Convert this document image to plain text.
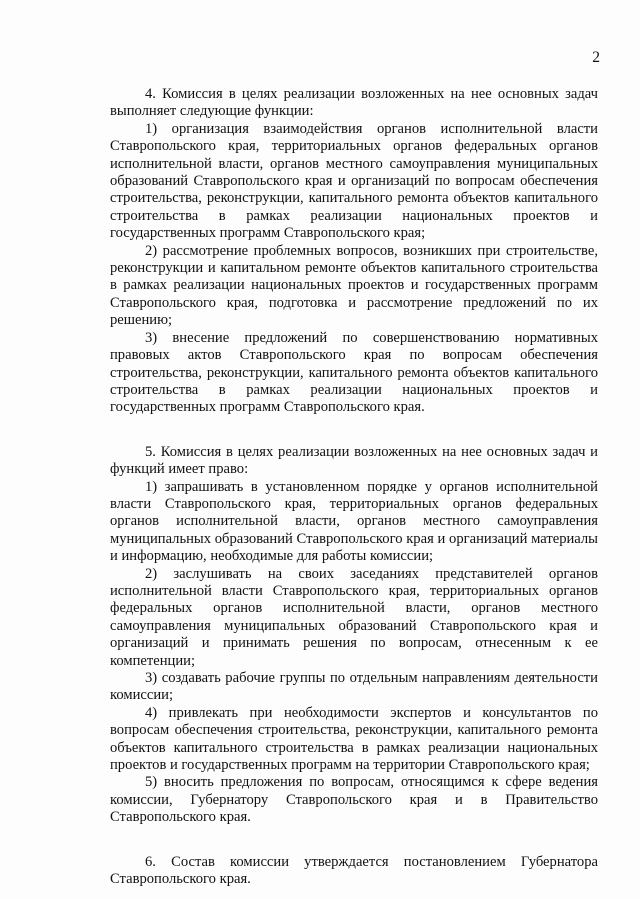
2

4. Комиссия в целях реализации возложенных на нее основных задач выполняет следующие функции:

1) организация взаимодействия органов исполнительной власти Ставропольского края, территориальных органов федеральных органов исполнительной власти, органов местного самоуправления муниципальных образований Ставропольского края и организаций по вопросам обеспечения строительства, реконструкции, капитального ремонта объектов капитального строительства в рамках реализации национальных проектов и государственных программ Ставропольского края;

2) рассмотрение проблемных вопросов, возникших при строительстве, реконструкции и капитальном ремонте объектов капитального строительства в рамках реализации национальных проектов и государственных программ Ставропольского края, подготовка и рассмотрение предложений по их решению;

3) внесение предложений по совершенствованию нормативных правовых актов Ставропольского края по вопросам обеспечения строительства, реконструкции, капитального ремонта объектов капитального строительства в рамках реализации национальных проектов и государственных программ Ставропольского края.

5. Комиссия в целях реализации возложенных на нее основных задач и функций имеет право:

1) запрашивать в установленном порядке у органов исполнительной власти Ставропольского края, территориальных органов федеральных органов исполнительной власти, органов местного самоуправления муниципальных образований Ставропольского края и организаций материалы и информацию, необходимые для работы комиссии;

2) заслушивать на своих заседаниях представителей органов исполнительной власти Ставропольского края, территориальных органов федеральных органов исполнительной власти, органов местного самоуправления муниципальных образований Ставропольского края и организаций и принимать решения по вопросам, отнесенным к ее компетенции;

3) создавать рабочие группы по отдельным направлениям деятельности комиссии;

4) привлекать при необходимости экспертов и консультантов по вопросам обеспечения строительства, реконструкции, капитального ремонта объектов капитального строительства в рамках реализации национальных проектов и государственных программ на территории Ставропольского края;

5) вносить предложения по вопросам, относящимся к сфере ведения комиссии, Губернатору Ставропольского края и в Правительство Ставропольского края.

6. Состав комиссии утверждается постановлением Губернатора Ставропольского края.
